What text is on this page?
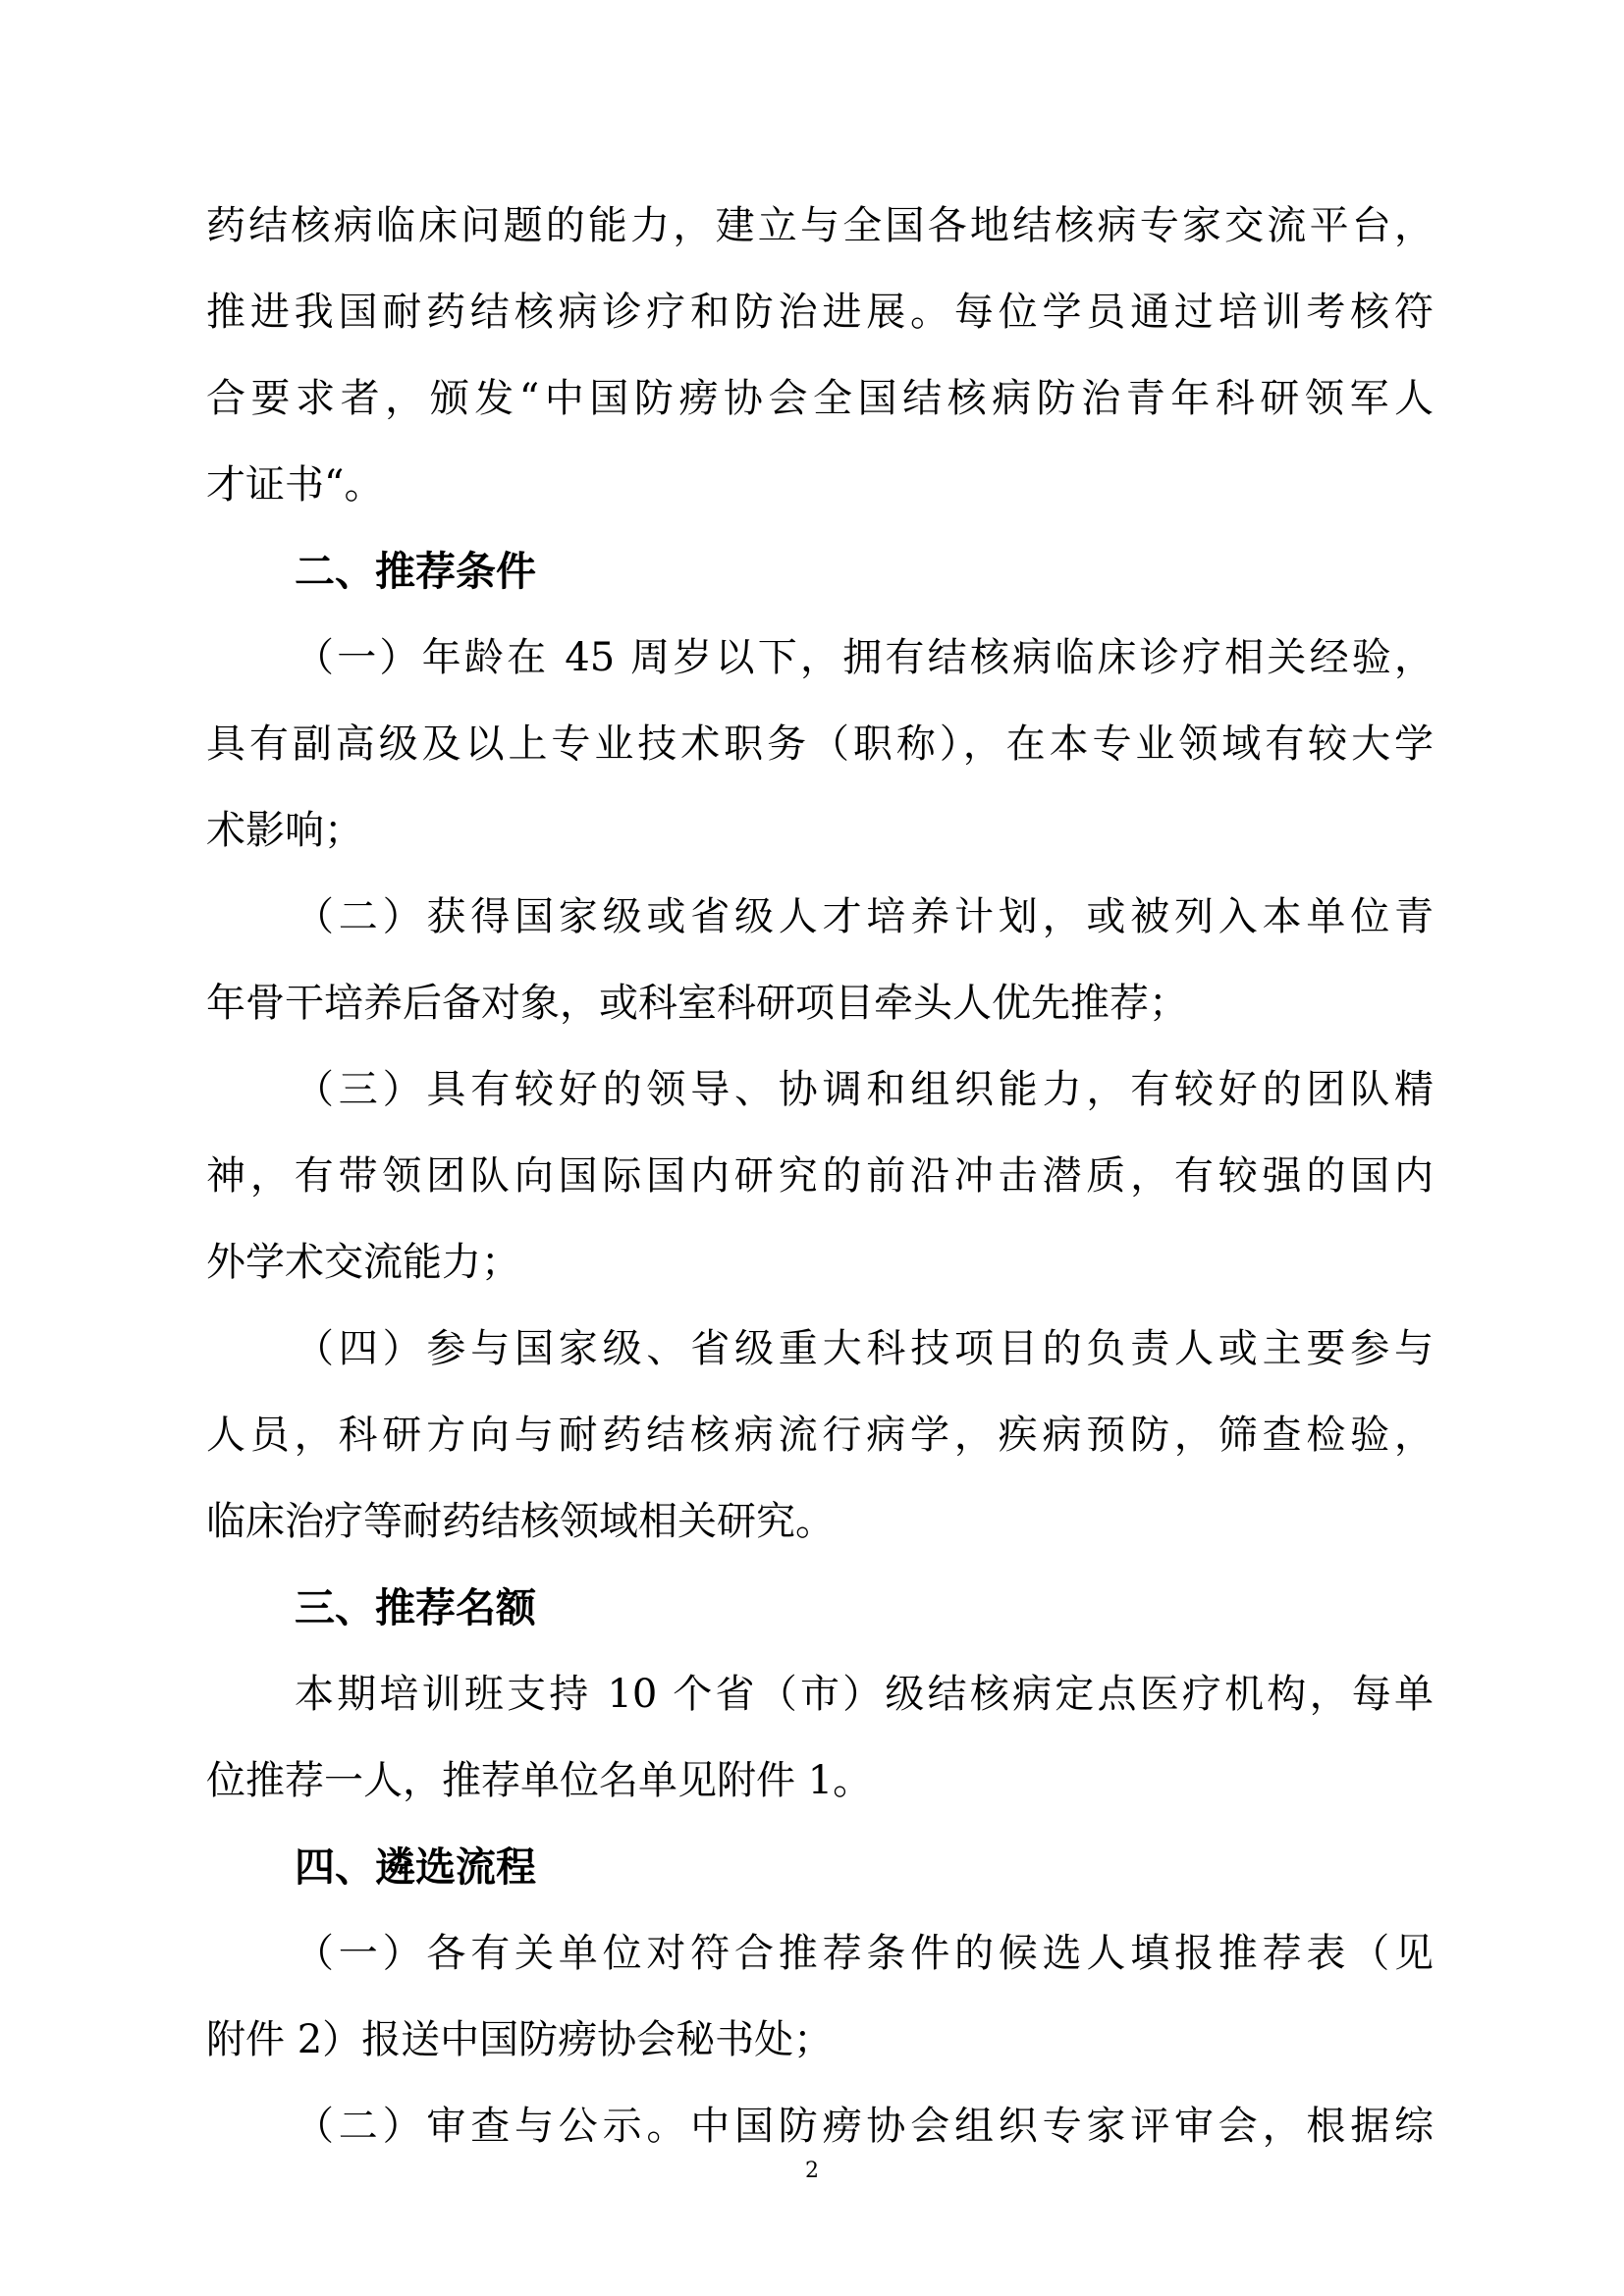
药结核病临床问题的能力，建立与全国各地结核病专家交流平台，
推进我国耐药结核病诊疗和防治进展。每位学员通过培训考核符
合要求者，颁发“中国防痨协会全国结核病防治青年科研领军人
才证书“。
二、推荐条件
（一）年龄在 45 周岁以下，拥有结核病临床诊疗相关经验，
具有副高级及以上专业技术职务（职称），在本专业领域有较大学
术影响；
（二）获得国家级或省级人才培养计划，或被列入本单位青
年骨干培养后备对象，或科室科研项目牵头人优先推荐；
（三）具有较好的领导、协调和组织能力，有较好的团队精
神，有带领团队向国际国内研究的前沿冲击潜质，有较强的国内
外学术交流能力；
（四）参与国家级、省级重大科技项目的负责人或主要参与
人员，科研方向与耐药结核病流行病学，疾病预防，筛查检验，
临床治疗等耐药结核领域相关研究。
三、推荐名额
本期培训班支持 10 个省（市）级结核病定点医疗机构，每单
位推荐一人，推荐单位名单见附件 1。
四、遴选流程
（一）各有关单位对符合推荐条件的候选人填报推荐表（见
附件 2）报送中国防痨协会秘书处；
（二）审查与公示。中国防痨协会组织专家评审会，根据综
2
